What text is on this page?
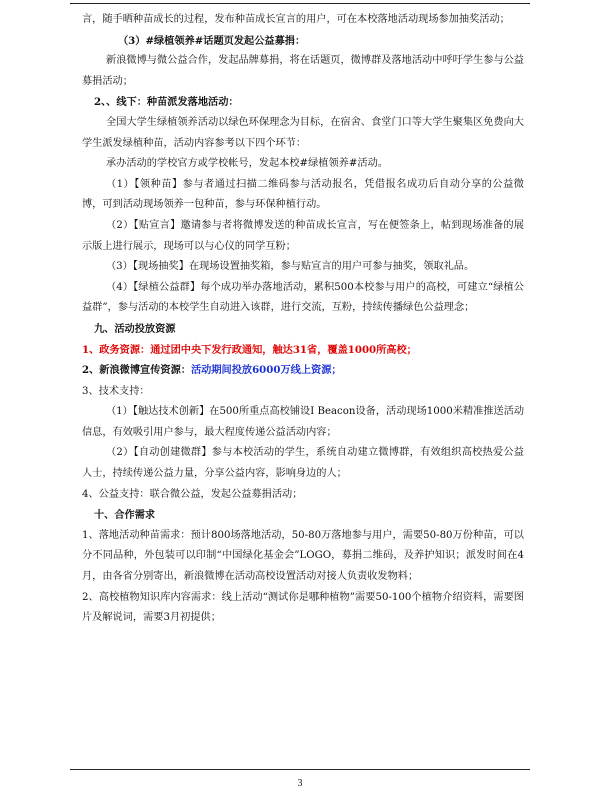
言，随手晒种苗成长的过程，发布种苗成长宣言的用户，可在本校落地活动现场参加抽奖活动；

（3）#绿植领养#话题页发起公益募捐：

新浪微博与微公益合作，发起品牌募捐，将在话题页，微博群及落地活动中呼吁学生参与公益募捐活动；

2、、线下：种苗派发落地活动：

全国大学生绿植领养活动以绿色环保理念为目标，在宿舍、食堂门口等大学生聚集区免费向大学生派发绿植种苗，活动内容参考以下四个环节：

承办活动的学校官方或学校帐号，发起本校#绿植领养#活动。

（1）【领种苗】参与者通过扫描二维码参与活动报名，凭借报名成功后自动分享的公益微博，可到活动现场领养一包种苗，参与环保种植行动。

（2）【贴宣言】邀请参与者将微博发送的种苗成长宣言，写在便签条上，帖到现场准备的展示版上进行展示，现场可以与心仪的同学互粉；

（3）【现场抽奖】在现场设置抽奖箱，参与贴宣言的用户可参与抽奖，领取礼品。

（4）【绿植公益群】每个成功举办落地活动，累积500本校参与用户的高校，可建立“绿植公益群”，参与活动的本校学生自动进入该群，进行交流，互粉，持续传播绿色公益理念；

九、活动投放资源

1、政务资源：通过团中央下发行政通知，触达31省，覆盖1000所高校；

2、新浪微博宣传资源：活动期间投放6000万线上资源；

3、技术支持：

（1）【触达技术创新】在500所重点高校铺设I Beacon设备，活动现场1000米精准推送活动信息，有效吸引用户参与，最大程度传递公益活动内容；

（2）【自动创建微群】参与本校活动的学生，系统自动建立微博群，有效组织高校热爱公益人士，持续传递公益力量，分享公益内容，影响身边的人；

4、公益支持：联合微公益，发起公益募捐活动；

十、合作需求

1、落地活动种苗需求：预计800场落地活动，50-80万落地参与用户，需要50-80万份种苗，可以分不同品种，外包装可以印制“中国绿化基金会”LOGO，募捐二维码，及养护知识；派发时间在4月，由各省分别寄出，新浪微博在活动高校设置活动对接人负责收发物料；

2、高校植物知识库内容需求：线上活动“测试你是哪种植物”需要50-100个植物介绍资料，需要图片及解说词，需要3月初提供；

3
